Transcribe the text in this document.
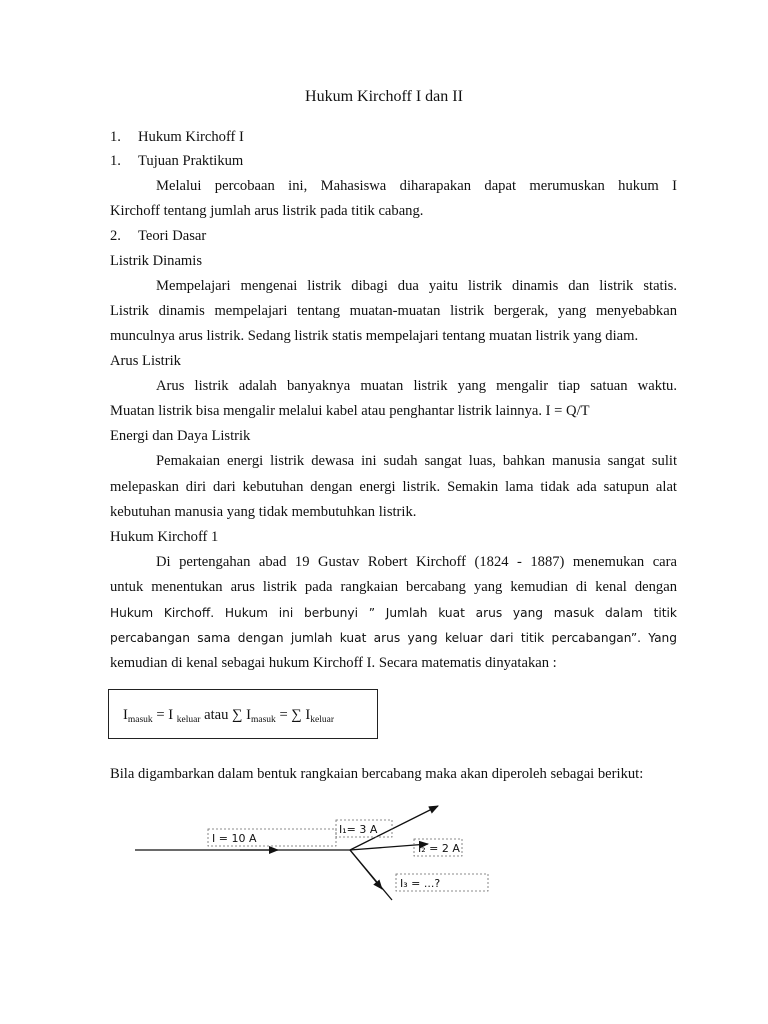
Hukum Kirchoff I dan II
1. Hukum Kirchoff I
1. Tujuan Praktikum
Melalui percobaan ini, Mahasiswa diharapakan dapat merumuskan hukum I
Kirchoff tentang jumlah arus listrik pada titik cabang.
2. Teori Dasar
Listrik Dinamis
Mempelajari mengenai listrik dibagi dua yaitu listrik dinamis dan listrik statis.
Listrik dinamis mempelajari tentang muatan-muatan listrik bergerak, yang menyebabkan
munculnya arus listrik. Sedang listrik statis mempelajari tentang muatan listrik yang diam.
Arus Listrik
Arus listrik adalah banyaknya muatan listrik yang mengalir tiap satuan waktu.
Muatan listrik bisa mengalir melalui kabel atau penghantar listrik lainnya. I = Q/T
Energi dan Daya Listrik
Pemakaian energi listrik dewasa ini sudah sangat luas, bahkan manusia sangat sulit
melepaskan diri dari kebutuhan dengan energi listrik. Semakin lama tidak ada satupun alat
kebutuhan manusia yang tidak membutuhkan listrik.
Hukum Kirchoff 1
Di pertengahan abad 19 Gustav Robert Kirchoff (1824 - 1887) menemukan cara
untuk menentukan arus listrik pada rangkaian bercabang yang kemudian di kenal dengan
Hukum Kirchoff. Hukum ini berbunyi ” Jumlah kuat arus yang masuk dalam titik
percabangan sama dengan jumlah kuat arus yang keluar dari titik percabangan”. Yang
kemudian di kenal sebagai hukum Kirchoff I. Secara matematis dinyatakan :
$I_{masuk} = I$ $_{keluar}$ atau ∑ $I_{masuk}$ = ∑ $I_{keluar}$
Bila digambarkan dalam bentuk rangkaian bercabang maka akan diperoleh sebagai berikut:
I = 10 A
I₁= 3 A
I₂ = 2 A
I₃ = ...?
